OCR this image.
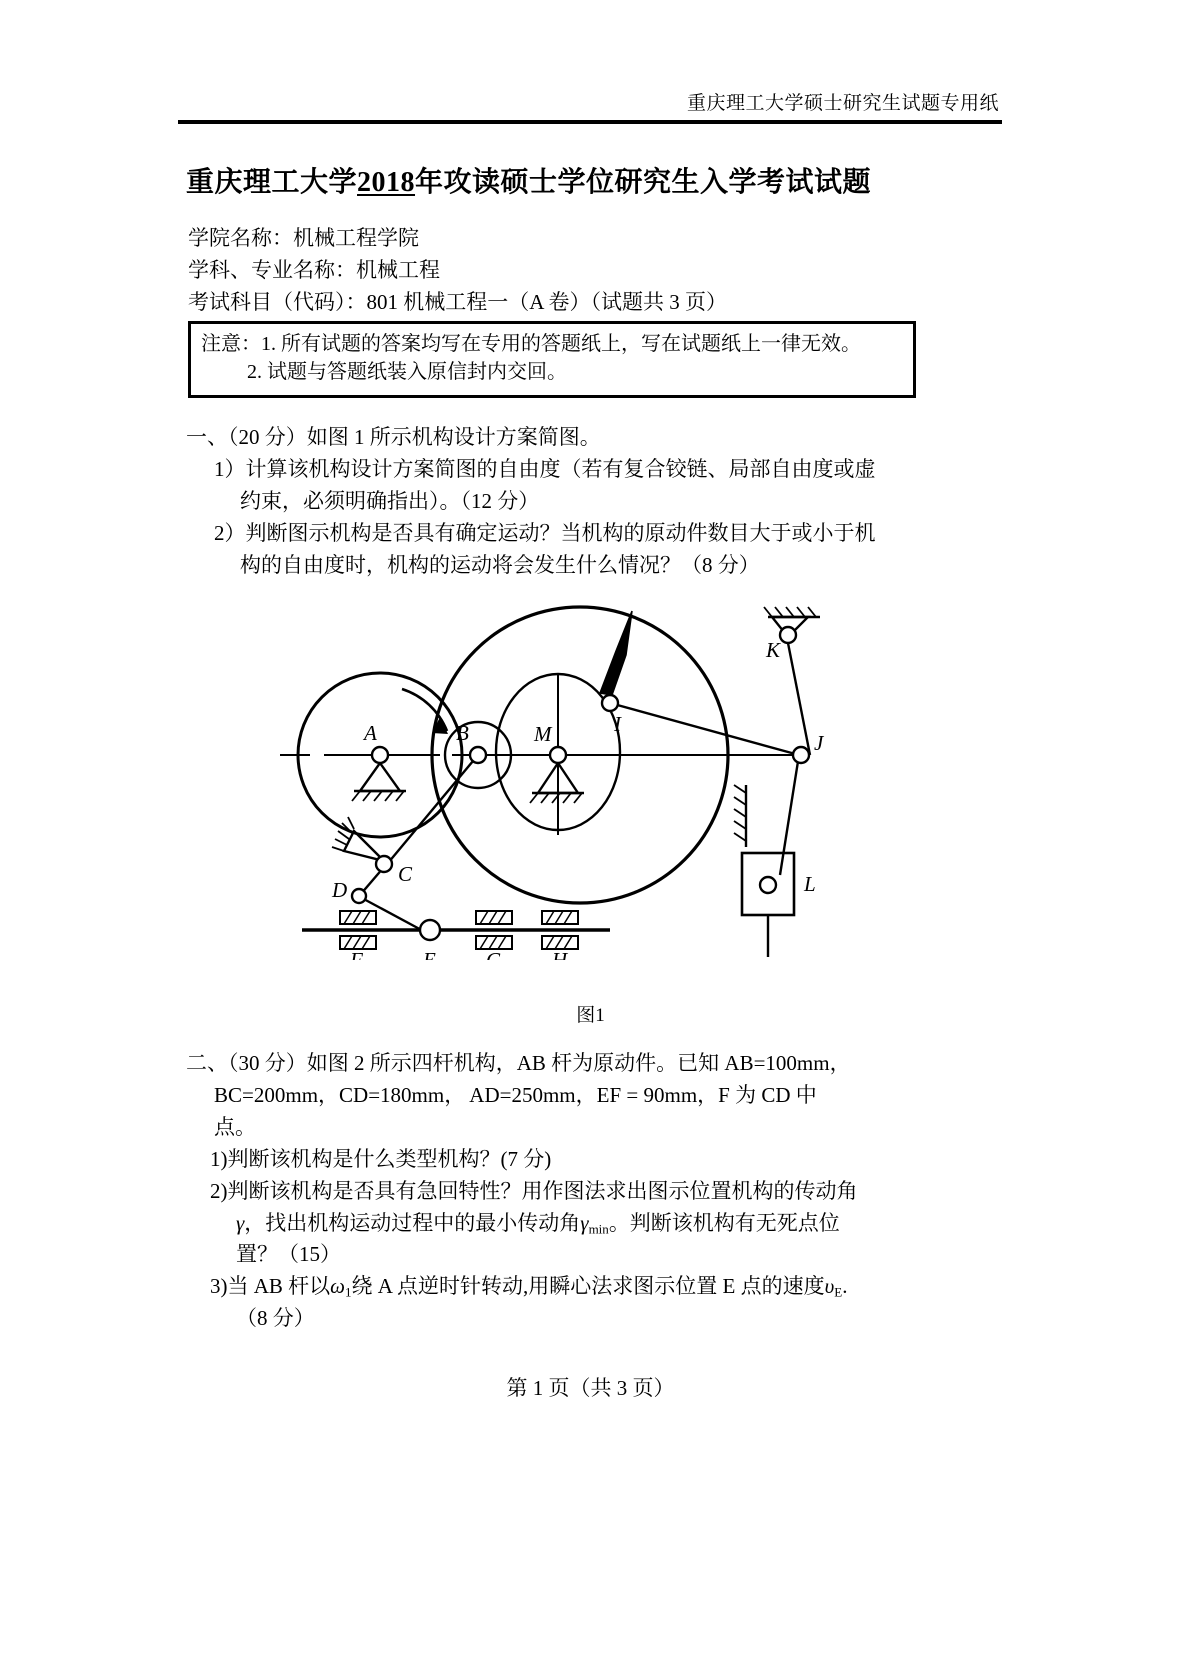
重庆理工大学硕士研究生试题专用纸
重庆理工大学2018年攻读硕士学位研究生入学考试试题
学院名称：机械工程学院
学科、专业名称：机械工程
考试科目（代码）：801 机械工程一（A 卷）（试题共 3 页）
注意：1. 所有试题的答案均写在专用的答题纸上，写在试题纸上一律无效。
2. 试题与答题纸装入原信封内交回。
一、（20 分）如图 1 所示机构设计方案简图。
1）计算该机构设计方案简图的自由度（若有复合铰链、局部自由度或虚
约束，必须明确指出）。（12 分）
2）判断图示机构是否具有确定运动？当机构的原动件数目大于或小于机
构的自由度时，机构的运动将会发生什么情况？（8 分）
A	B
C
D
E
F	G H
I
J
K
L
M
图1
二、（30 分）如图 2 所示四杆机构，AB 杆为原动件。已知 AB=100mm，
BC=200mm，CD=180mm， AD=250mm，EF = 90mm，F 为 CD 中
点。
1)判断该机构是什么类型机构？(7 分)
2)判断该机构是否具有急回特性？用作图法求出图示位置机构的传动角
γ，找出机构运动过程中的最小传动角$\gamma_{min}$。判断该机构有无死点位
置？（15）
3)当 AB 杆以$\omega_1$绕 A 点逆时针转动,用瞬心法求图示位置 E 点的速度$\upsilon_E$.
（8 分）
第 1 页（共 3 页）
